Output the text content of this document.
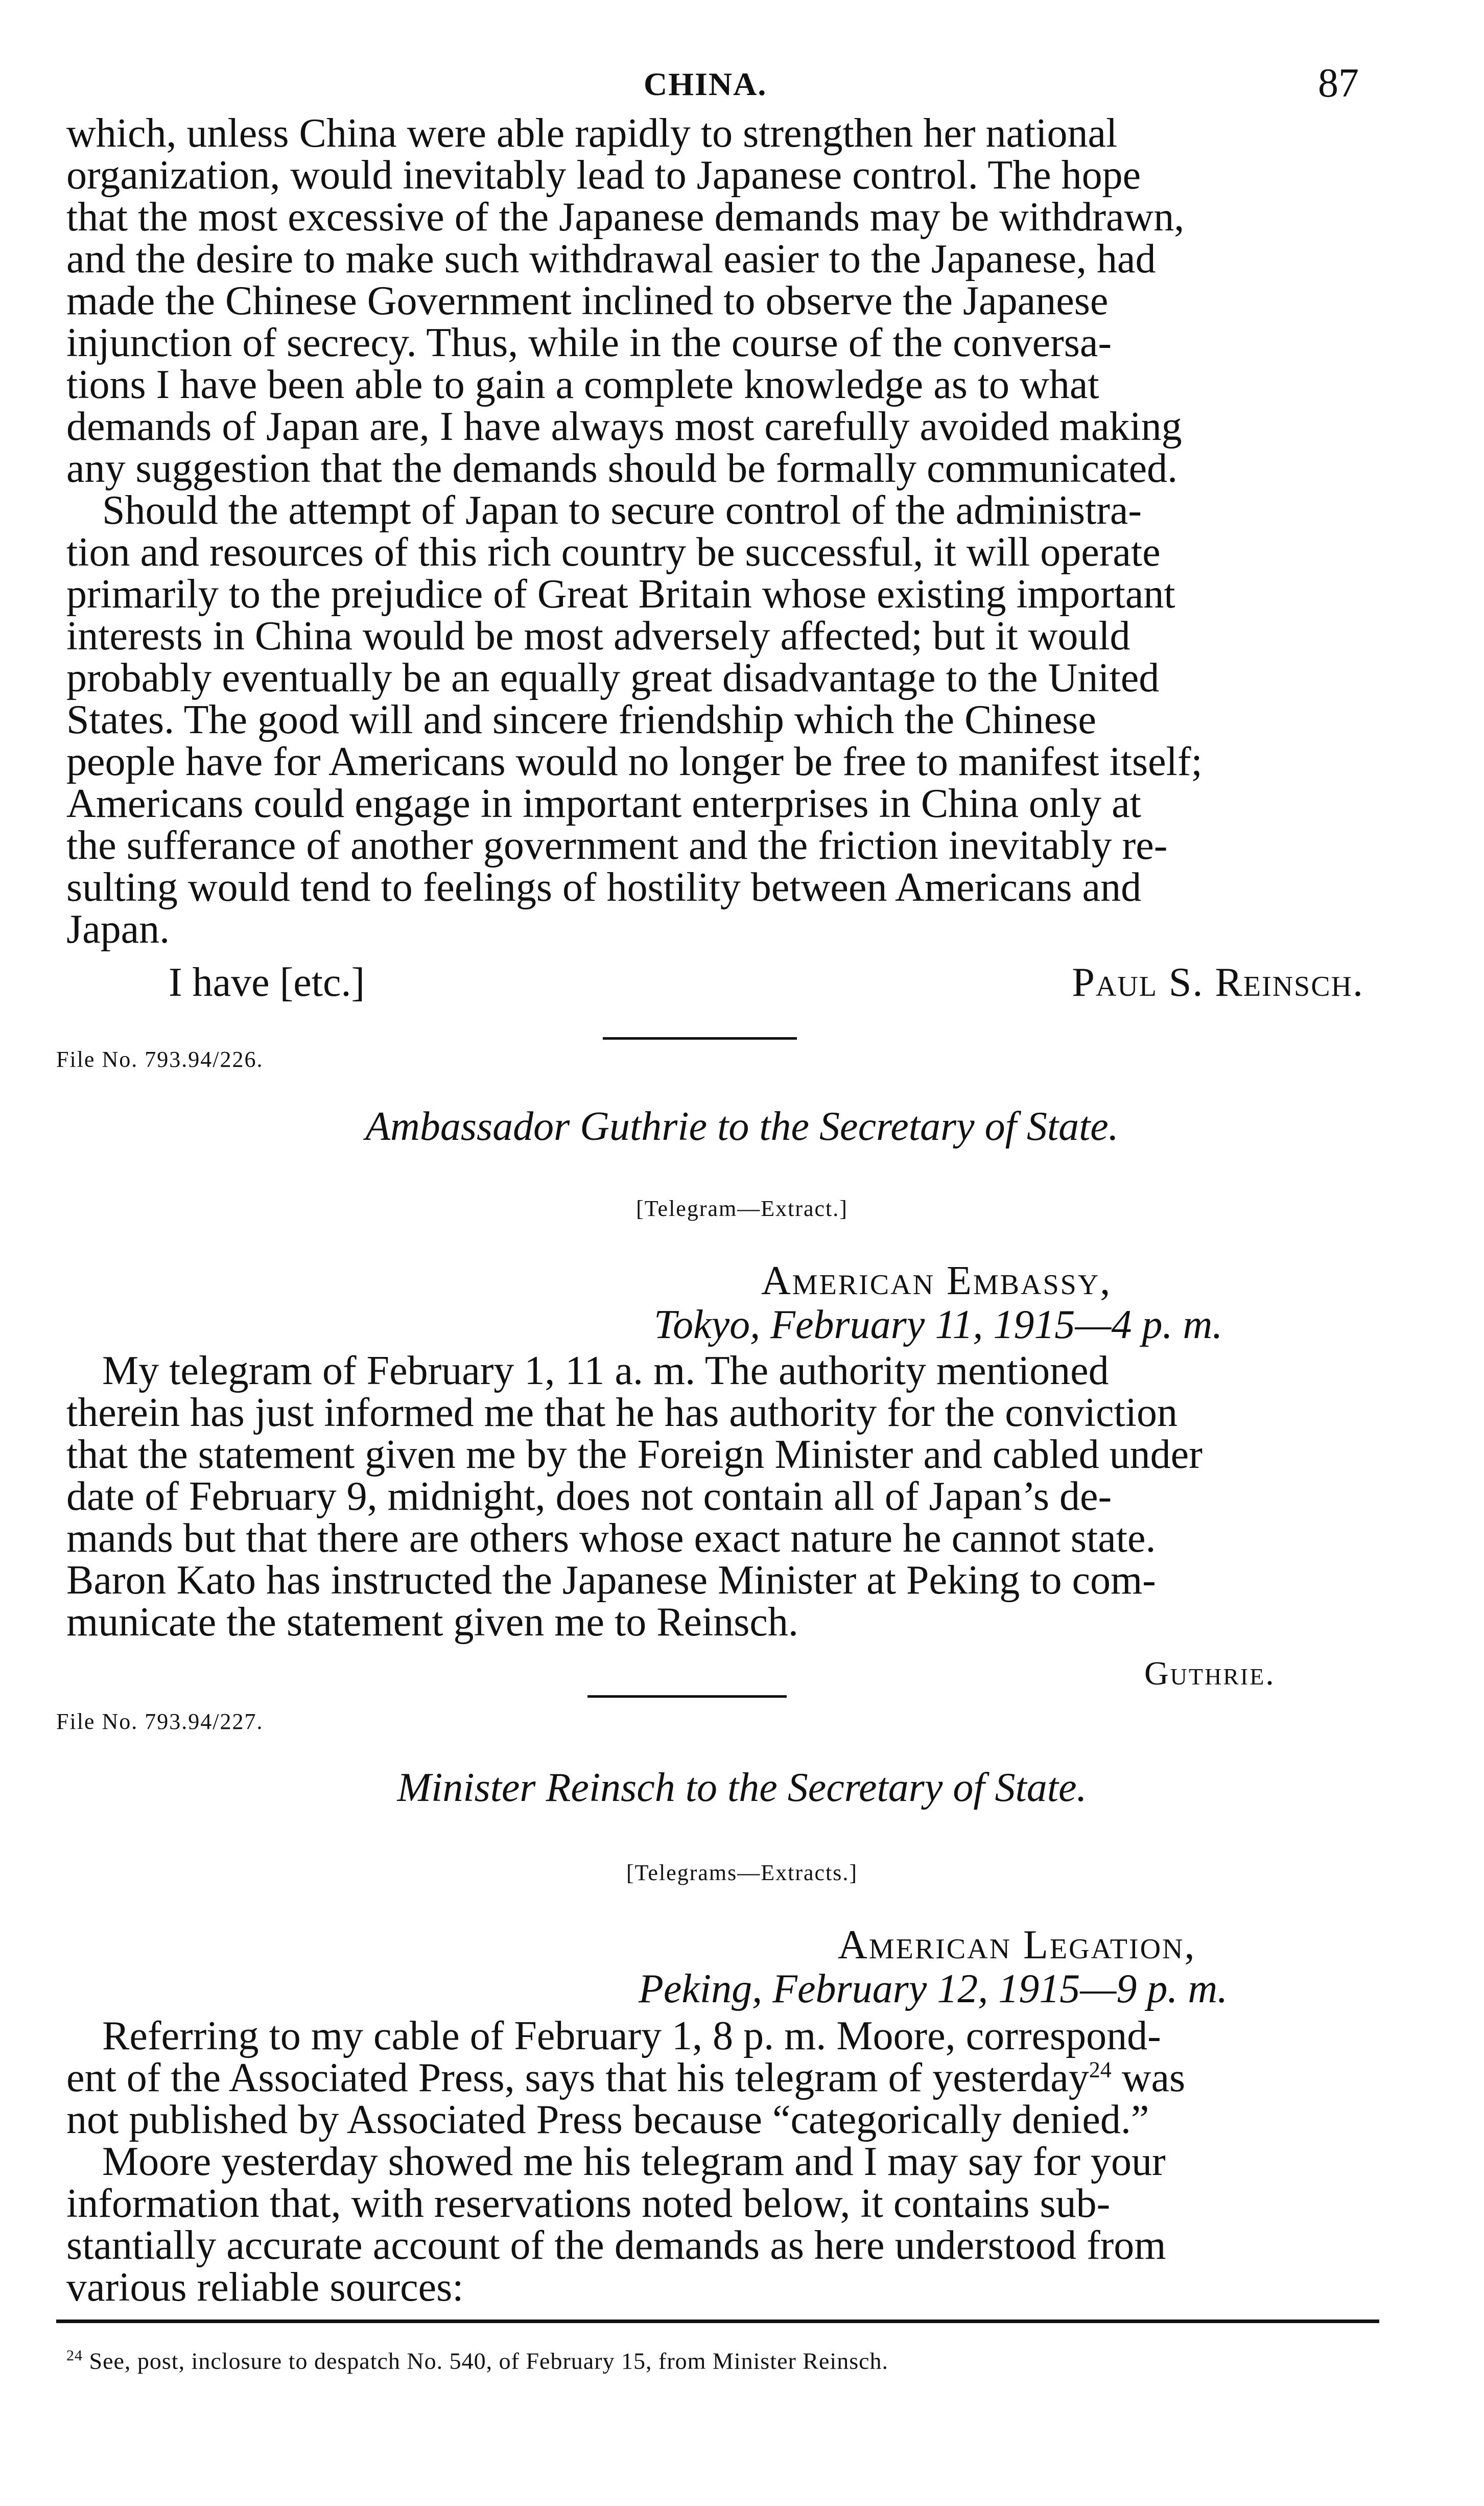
CHINA.	87

which, unless China were able rapidly to strengthen her national

organization, would inevitably lead to Japanese control. The hope

that the most excessive of the Japanese demands may be withdrawn,

and the desire to make such withdrawal easier to the Japanese, had

made the Chinese Government inclined to observe the Japanese

injunction of secrecy. Thus, while in the course of the conversa-

tions I have been able to gain a complete knowledge as to what

demands of Japan are, I have always most carefully avoided making

any suggestion that the demands should be formally communicated.

Should the attempt of Japan to secure control of the administra-

tion and resources of this rich country be successful, it will operate

primarily to the prejudice of Great Britain whose existing important

interests in China would be most adversely affected; but it would

probably eventually be an equally great disadvantage to the United

States. The good will and sincere friendship which the Chinese

people have for Americans would no longer be free to manifest itself;

Americans could engage in important enterprises in China only at

the sufferance of another government and the friction inevitably re-

sulting would tend to feelings of hostility between Americans and

Japan.

I have [etc.]	Paul S. Reinsch.
File No. 793.94/226.
Ambassador Guthrie to the Secretary of State.
[Telegram—Extract.]
American Embassy,
Tokyo, February 11, 1915—4 p. m.

My telegram of February 1, 11 a. m. The authority mentioned

therein has just informed me that he has authority for the conviction

that the statement given me by the Foreign Minister and cabled under

date of February 9, midnight, does not contain all of Japan’s de-

mands but that there are others whose exact nature he cannot state.

Baron Kato has instructed the Japanese Minister at Peking to com-

municate the statement given me to Reinsch.

Guthrie.
File No. 793.94/227.
Minister Reinsch to the Secretary of State.
[Telegrams—Extracts.]
American Legation,
Peking, February 12, 1915—9 p. m.

Referring to my cable of February 1, 8 p. m. Moore, correspond-

ent of the Associated Press, says that his telegram of yesterday$^{24}$ was

not published by Associated Press because “categorically denied.”

Moore yesterday showed me his telegram and I may say for your

information that, with reservations noted below, it contains sub-

stantially accurate account of the demands as here understood from

various reliable sources:

$^{24}$ See, post, inclosure to despatch No. 540, of February 15, from Minister Reinsch.
